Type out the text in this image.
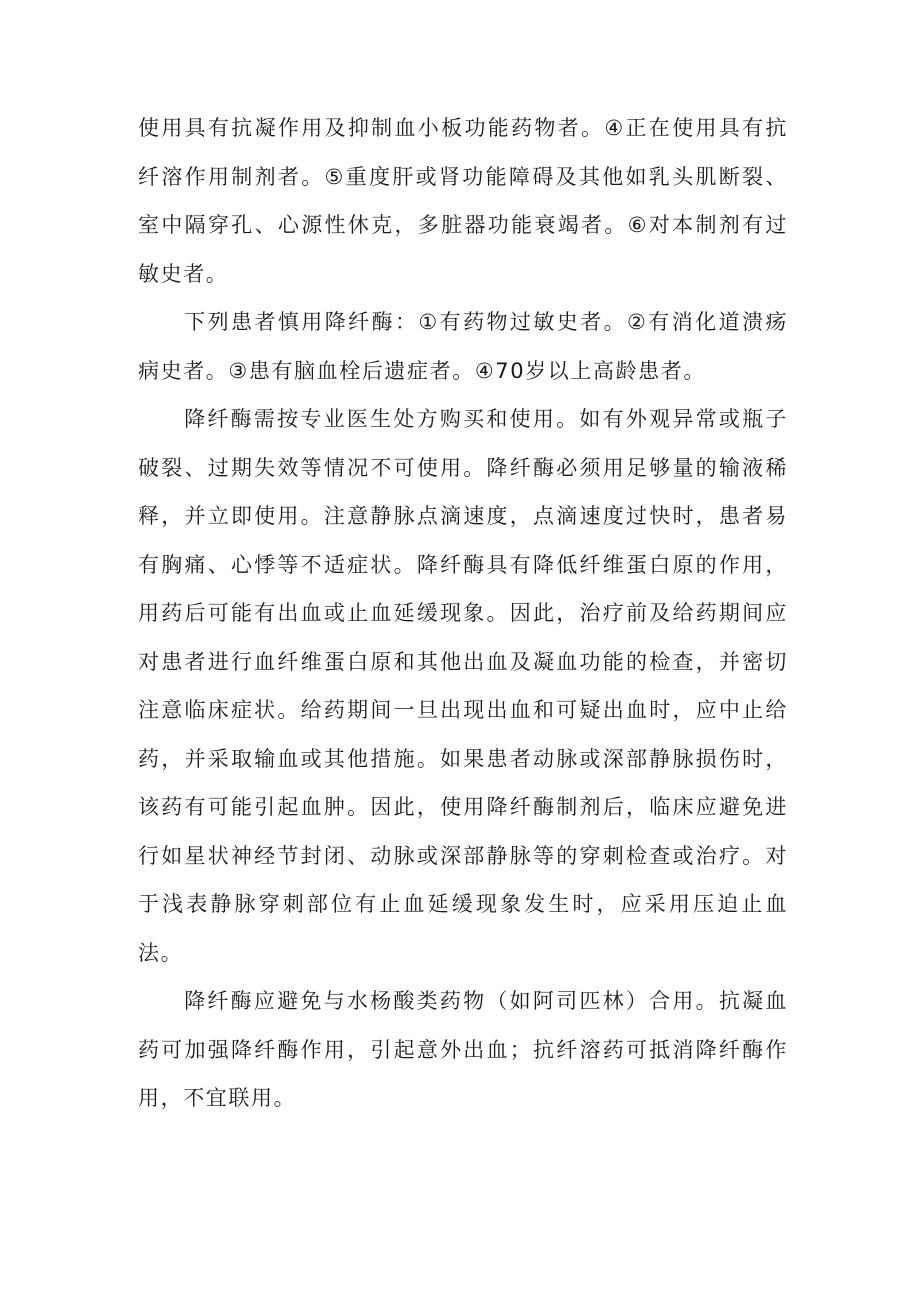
使用具有抗凝作用及抑制血小板功能药物者。④正在使用具有抗纤溶作用制剂者。⑤重度肝或肾功能障碍及其他如乳头肌断裂、室中隔穿孔、心源性休克，多脏器功能衰竭者。⑥对本制剂有过敏史者。

下列患者慎用降纤酶：①有药物过敏史者。②有消化道溃疡病史者。③患有脑血栓后遗症者。④70岁以上高龄患者。

降纤酶需按专业医生处方购买和使用。如有外观异常或瓶子破裂、过期失效等情况不可使用。降纤酶必须用足够量的输液稀释，并立即使用。注意静脉点滴速度，点滴速度过快时，患者易有胸痛、心悸等不适症状。降纤酶具有降低纤维蛋白原的作用，用药后可能有出血或止血延缓现象。因此，治疗前及给药期间应对患者进行血纤维蛋白原和其他出血及凝血功能的检查，并密切注意临床症状。给药期间一旦出现出血和可疑出血时，应中止给药，并采取输血或其他措施。如果患者动脉或深部静脉损伤时，该药有可能引起血肿。因此，使用降纤酶制剂后，临床应避免进行如星状神经节封闭、动脉或深部静脉等的穿刺检查或治疗。对于浅表静脉穿刺部位有止血延缓现象发生时，应采用压迫止血法。

降纤酶应避免与水杨酸类药物（如阿司匹林）合用。抗凝血药可加强降纤酶作用，引起意外出血；抗纤溶药可抵消降纤酶作用，不宜联用。
